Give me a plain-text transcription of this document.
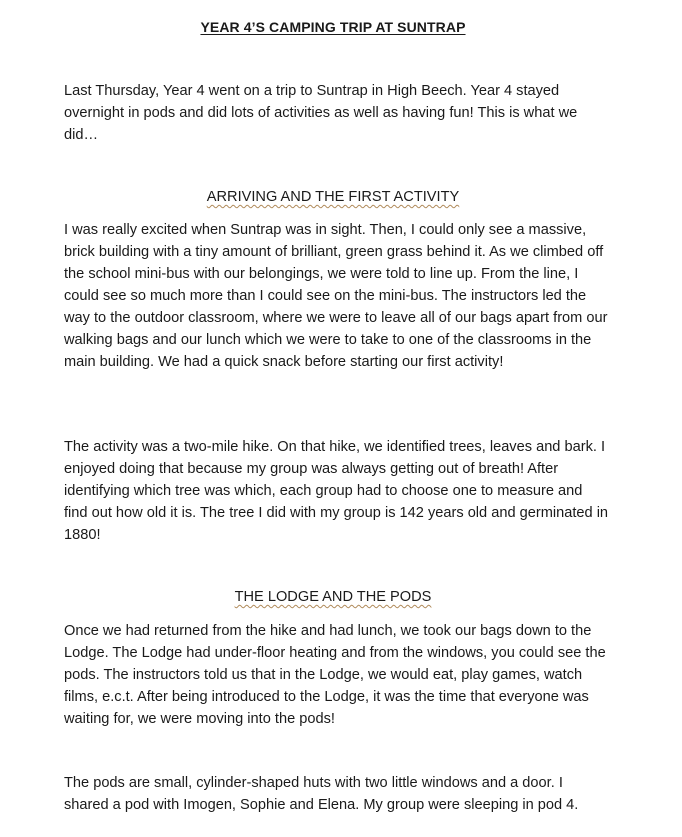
YEAR 4’S CAMPING TRIP AT SUNTRAP

Last Thursday, Year 4 went on a trip to Suntrap in High Beech. Year 4 stayed overnight in pods and did lots of activities as well as having fun! This is what we did…

ARRIVING AND THE FIRST ACTIVITY

I was really excited when Suntrap was in sight. Then, I could only see a massive, brick building with a tiny amount of brilliant, green grass behind it. As we climbed off the school mini-bus with our belongings, we were told to line up. From the line, I could see so much more than I could see on the mini-bus. The instructors led the way to the outdoor classroom, where we were to leave all of our bags apart from our walking bags and our lunch which we were to take to one of the classrooms in the main building. We had a quick snack before starting our first activity!

The activity was a two-mile hike. On that hike, we identified trees, leaves and bark. I enjoyed doing that because my group was always getting out of breath! After identifying which tree was which, each group had to choose one to measure and find out how old it is. The tree I did with my group is 142 years old and germinated in 1880!

THE LODGE AND THE PODS

Once we had returned from the hike and had lunch, we took our bags down to the Lodge. The Lodge had under-floor heating and from the windows, you could see the pods. The instructors told us that in the Lodge, we would eat, play games, watch films, e.c.t. After being introduced to the Lodge, it was the time that everyone was waiting for, we were moving into the pods!

The pods are small, cylinder-shaped huts with two little windows and a door. I shared a pod with Imogen, Sophie and Elena. My group were sleeping in pod 4.
